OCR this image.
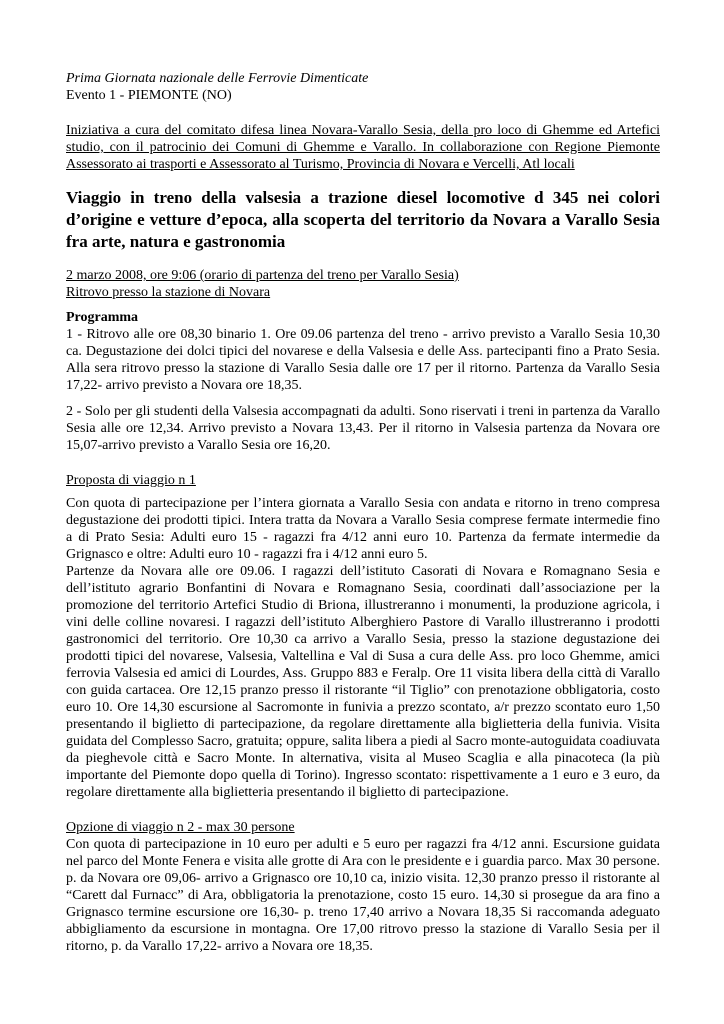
Prima Giornata nazionale delle Ferrovie Dimenticate

Evento 1 - PIEMONTE (NO)

Iniziativa a cura del comitato difesa linea Novara-Varallo Sesia, della pro loco di Ghemme ed Artefici studio, con il patrocinio dei Comuni di Ghemme e Varallo. In collaborazione con Regione Piemonte Assessorato ai trasporti e Assessorato al Turismo, Provincia di Novara e Vercelli, Atl locali

Viaggio in treno della valsesia a trazione diesel locomotive d 345 nei colori d’origine e vetture d’epoca, alla scoperta del territorio da Novara a Varallo Sesia fra arte, natura e gastronomia

2 marzo 2008, ore 9:06 (orario di partenza del treno per Varallo Sesia)

Ritrovo presso la stazione di Novara

Programma

1 - Ritrovo alle ore 08,30 binario 1. Ore 09.06 partenza del treno - arrivo previsto a Varallo Sesia 10,30 ca. Degustazione dei dolci tipici del novarese e della Valsesia e delle Ass. partecipanti fino a Prato Sesia. Alla sera ritrovo presso la stazione di Varallo Sesia dalle ore 17 per il ritorno. Partenza da Varallo Sesia 17,22- arrivo previsto a Novara ore 18,35.

2 - Solo per gli studenti della Valsesia accompagnati da adulti. Sono riservati i treni in partenza da Varallo Sesia alle ore 12,34. Arrivo previsto a Novara 13,43. Per il ritorno in Valsesia partenza da Novara ore 15,07-arrivo previsto a Varallo Sesia ore 16,20.

Proposta di viaggio n 1

Con quota di partecipazione per l’intera giornata a Varallo Sesia con andata e ritorno in treno compresa degustazione dei prodotti tipici. Intera tratta da Novara a Varallo Sesia comprese fermate intermedie fino a di Prato Sesia: Adulti euro 15 - ragazzi fra 4/12 anni euro 10. Partenza da fermate intermedie da Grignasco e oltre: Adulti euro 10 - ragazzi fra i 4/12 anni euro 5.

Partenze da Novara alle ore 09.06. I ragazzi dell’istituto Casorati di Novara e Romagnano Sesia e dell’istituto agrario Bonfantini di Novara e Romagnano Sesia, coordinati dall’associazione per la promozione del territorio Artefici Studio di Briona, illustreranno i monumenti, la produzione agricola, i vini delle colline novaresi. I ragazzi dell’istituto Alberghiero Pastore di Varallo illustreranno i prodotti gastronomici del territorio. Ore 10,30 ca arrivo a Varallo Sesia, presso la stazione degustazione dei prodotti tipici del novarese, Valsesia, Valtellina e Val di Susa a cura delle Ass. pro loco Ghemme, amici ferrovia Valsesia ed amici di Lourdes, Ass. Gruppo 883 e Feralp. Ore 11 visita libera della città di Varallo con guida cartacea. Ore 12,15 pranzo presso il ristorante “il Tiglio” con prenotazione obbligatoria, costo euro 10. Ore 14,30 escursione al Sacromonte in funivia a prezzo scontato, a/r prezzo scontato euro 1,50 presentando il biglietto di partecipazione, da regolare direttamente alla biglietteria della funivia. Visita guidata del Complesso Sacro, gratuita; oppure, salita libera a piedi al Sacro monte-autoguidata coadiuvata da pieghevole città e Sacro Monte. In alternativa, visita al Museo Scaglia e alla pinacoteca (la più importante del Piemonte dopo quella di Torino). Ingresso scontato: rispettivamente a 1 euro e 3 euro, da regolare direttamente alla biglietteria presentando il biglietto di partecipazione.

Opzione di viaggio n 2 - max 30 persone

Con quota di partecipazione in 10 euro per adulti e 5 euro per ragazzi fra 4/12 anni. Escursione guidata nel parco del Monte Fenera e visita alle grotte di Ara con le presidente e i guardia parco. Max 30 persone. p. da Novara ore 09,06- arrivo a Grignasco ore 10,10 ca, inizio visita. 12,30 pranzo presso il ristorante al “Carett dal Furnacc” di Ara, obbligatoria la prenotazione, costo 15 euro. 14,30 si prosegue da ara fino a Grignasco termine escursione ore 16,30- p. treno 17,40 arrivo a Novara 18,35 Si raccomanda adeguato abbigliamento da escursione in montagna. Ore 17,00 ritrovo presso la stazione di Varallo Sesia per il ritorno, p. da Varallo 17,22- arrivo a Novara ore 18,35.
